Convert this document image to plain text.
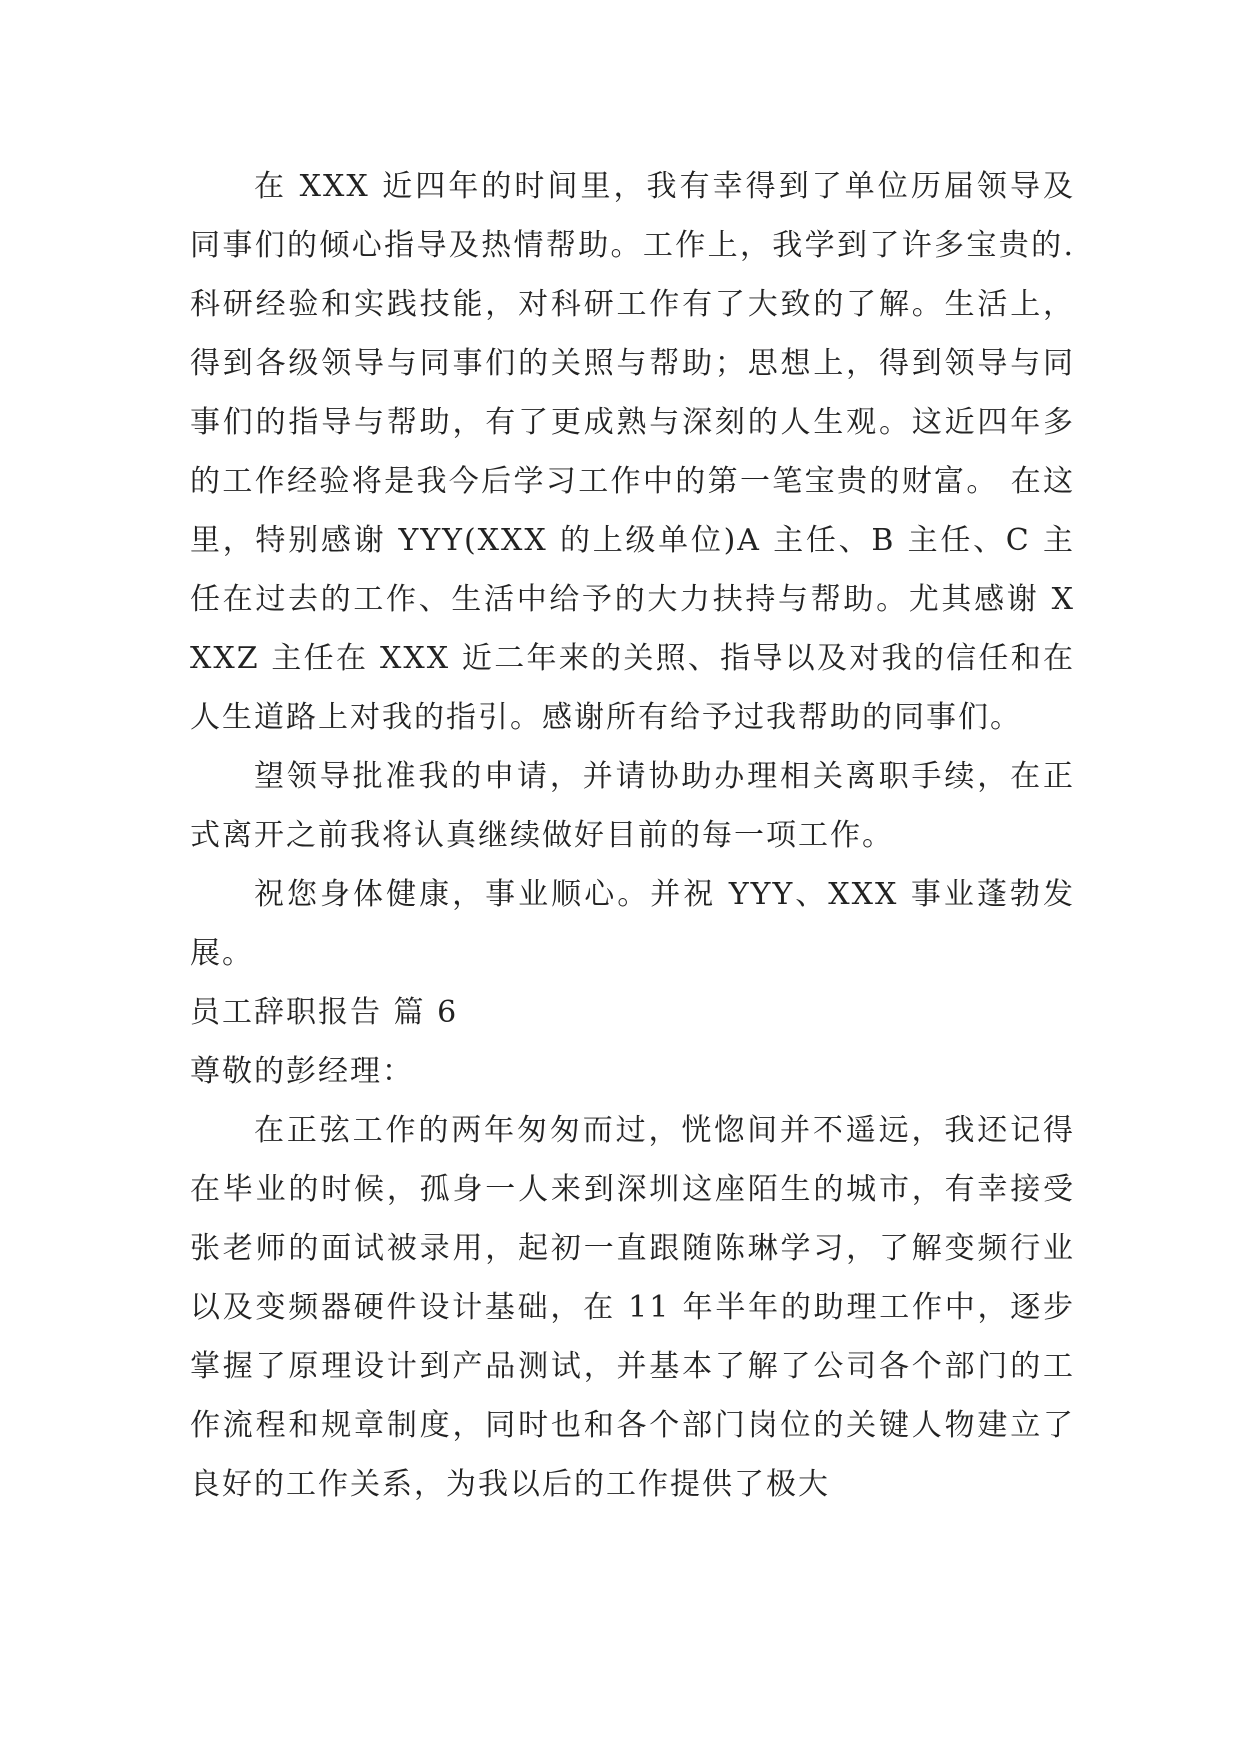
在 XXX 近四年的时间里，我有幸得到了单位历届领导及同事们的倾心指导及热情帮助。工作上，我学到了许多宝贵的.科研经验和实践技能，对科研工作有了大致的了解。生活上，得到各级领导与同事们的关照与帮助；思想上，得到领导与同事们的指导与帮助，有了更成熟与深刻的人生观。这近四年多的工作经验将是我今后学习工作中的第一笔宝贵的财富。 在这里，特别感谢 YYY(XXX 的上级单位)A 主任、B 主任、C 主任在过去的工作、生活中给予的大力扶持与帮助。尤其感谢 XXXZ 主任在 XXX 近二年来的关照、指导以及对我的信任和在人生道路上对我的指引。感谢所有给予过我帮助的同事们。

望领导批准我的申请，并请协助办理相关离职手续，在正式离开之前我将认真继续做好目前的每一项工作。

祝您身体健康，事业顺心。并祝 YYY、XXX 事业蓬勃发展。

员工辞职报告 篇 6

尊敬的彭经理：

在正弦工作的两年匆匆而过，恍惚间并不遥远，我还记得在毕业的时候，孤身一人来到深圳这座陌生的城市，有幸接受张老师的面试被录用，起初一直跟随陈琳学习，了解变频行业以及变频器硬件设计基础，在 11 年半年的助理工作中，逐步掌握了原理设计到产品测试，并基本了解了公司各个部门的工作流程和规章制度，同时也和各个部门岗位的关键人物建立了良好的工作关系，为我以后的工作提供了极大
